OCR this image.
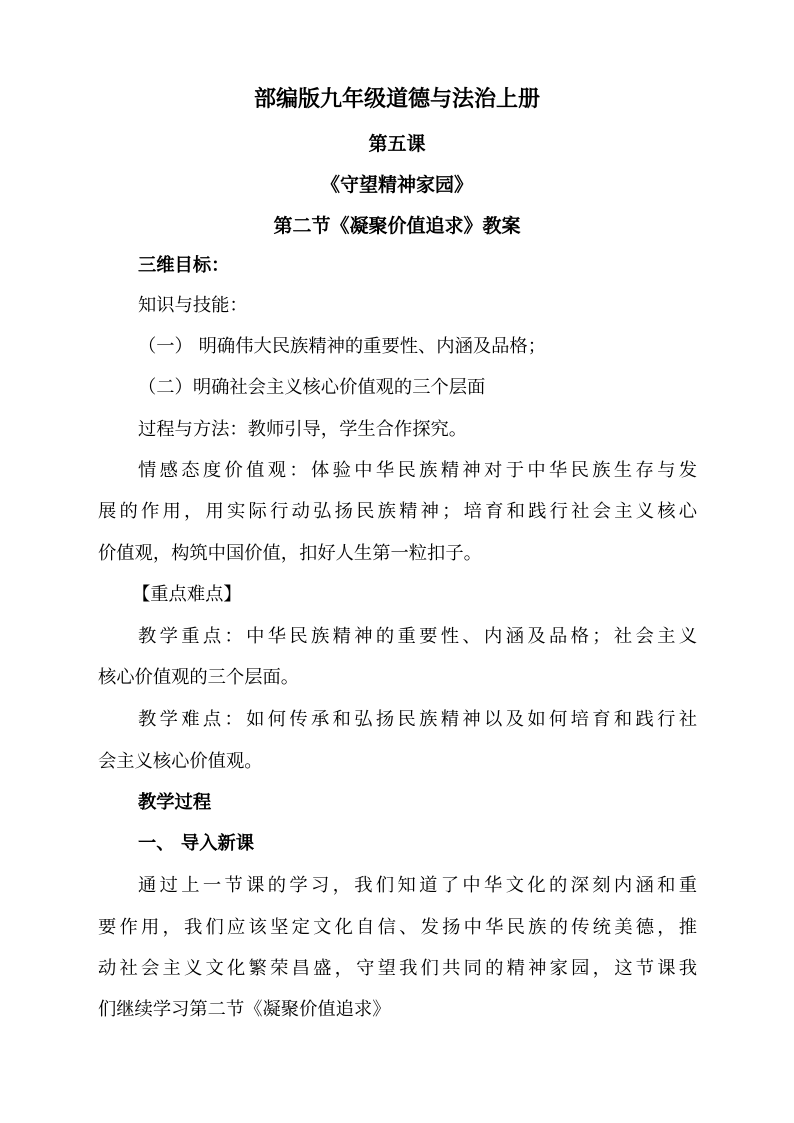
部编版九年级道德与法治上册
第五课
《守望精神家园》
第二节《凝聚价值追求》教案
三维目标：
知识与技能：
（一） 明确伟大民族精神的重要性、内涵及品格；
（二）明确社会主义核心价值观的三个层面
过程与方法：教师引导，学生合作探究。
情感态度价值观：体验中华民族精神对于中华民族生存与发
展的作用，用实际行动弘扬民族精神；培育和践行社会主义核心
价值观，构筑中国价值，扣好人生第一粒扣子。
【重点难点】
教学重点：中华民族精神的重要性、内涵及品格；社会主义
核心价值观的三个层面。
教学难点：如何传承和弘扬民族精神以及如何培育和践行社
会主义核心价值观。
教学过程
一、 导入新课
通过上一节课的学习，我们知道了中华文化的深刻内涵和重
要作用，我们应该坚定文化自信、发扬中华民族的传统美德，推
动社会主义文化繁荣昌盛，守望我们共同的精神家园，这节课我
们继续学习第二节《凝聚价值追求》
